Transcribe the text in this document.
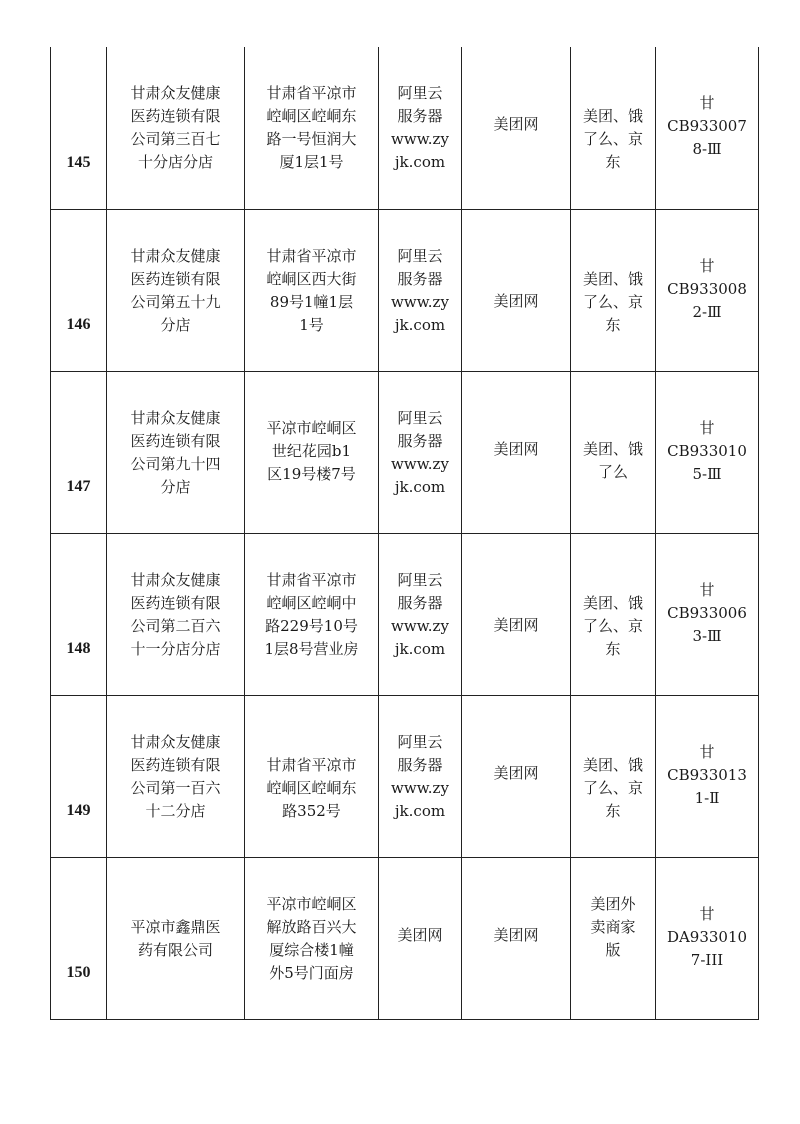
145	甘肃众友健康
医药连锁有限
公司第三百七
十分店分店	甘肃省平凉市
崆峒区崆峒东
路一号恒润大
厦1层1号	阿里云
服务器
www.zy
jk.com	美团网	美团、饿
了么、京
东	甘
CB933007
8-Ⅲ

146	甘肃众友健康
医药连锁有限
公司第五十九
分店	甘肃省平凉市
崆峒区西大街
89号1幢1层
1号	阿里云
服务器
www.zy
jk.com	美团网	美团、饿
了么、京
东	甘
CB933008
2-Ⅲ

147	甘肃众友健康
医药连锁有限
公司第九十四
分店	平凉市崆峒区
世纪花园b1
区19号楼7号	阿里云
服务器
www.zy
jk.com	美团网	美团、饿
了么	甘
CB933010
5-Ⅲ

148	甘肃众友健康
医药连锁有限
公司第二百六
十一分店分店	甘肃省平凉市
崆峒区崆峒中
路229号10号
1层8号营业房	阿里云
服务器
www.zy
jk.com	美团网	美团、饿
了么、京
东	甘
CB933006
3-Ⅲ

149	甘肃众友健康
医药连锁有限
公司第一百六
十二分店	甘肃省平凉市
崆峒区崆峒东
路352号	阿里云
服务器
www.zy
jk.com	美团网	美团、饿
了么、京
东	甘
CB933013
1-Ⅱ

150	平凉市鑫鼎医
药有限公司	平凉市崆峒区
解放路百兴大
厦综合楼1幢
外5号门面房	美团网	美团网	美团外
卖商家
版	甘
DA933010
7-III
